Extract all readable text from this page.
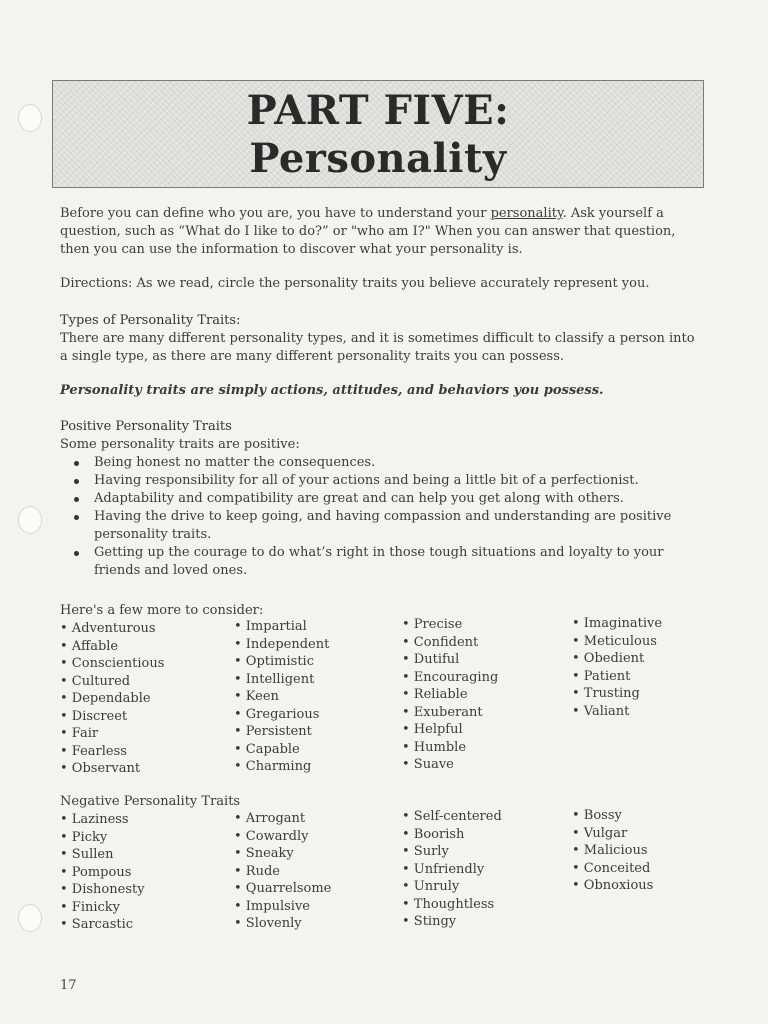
PART FIVE:
Personality
Before you can define who you are, you have to understand your personality. Ask yourself a question, such as “What do I like to do?” or "who am I?" When you can answer that question, then you can use the information to discover what your personality is.
Directions: As we read, circle the personality traits you believe accurately represent you.
Types of Personality Traits:
There are many different personality types, and it is sometimes difficult to classify a person into a single type, as there are many different personality traits you can possess.
Personality traits are simply actions, attitudes, and behaviors you possess.
Positive Personality Traits
Some personality traits are positive:
Being honest no matter the consequences.
Having responsibility for all of your actions and being a little bit of a perfectionist.
Adaptability and compatibility are great and can help you get along with others.
Having the drive to keep going, and having compassion and understanding are positive personality traits.
Getting up the courage to do what’s right in those tough situations and loyalty to your friends and loved ones.
Here's a few more to consider:
• Adventurous
• Affable
• Conscientious
• Cultured
• Dependable
• Discreet
• Fair
• Fearless
• Observant
• Impartial
• Independent
• Optimistic
• Intelligent
• Keen
• Gregarious
• Persistent
• Capable
• Charming
• Precise
• Confident
• Dutiful
• Encouraging
• Reliable
• Exuberant
• Helpful
• Humble
• Suave
• Imaginative
• Meticulous
• Obedient
• Patient
• Trusting
• Valiant
Negative Personality Traits
• Laziness
• Picky
• Sullen
• Pompous
• Dishonesty
• Finicky
• Sarcastic
• Arrogant
• Cowardly
• Sneaky
• Rude
• Quarrelsome
• Impulsive
• Slovenly
• Self-centered
• Boorish
• Surly
• Unfriendly
• Unruly
• Thoughtless
• Stingy
• Bossy
• Vulgar
• Malicious
• Conceited
• Obnoxious
17
